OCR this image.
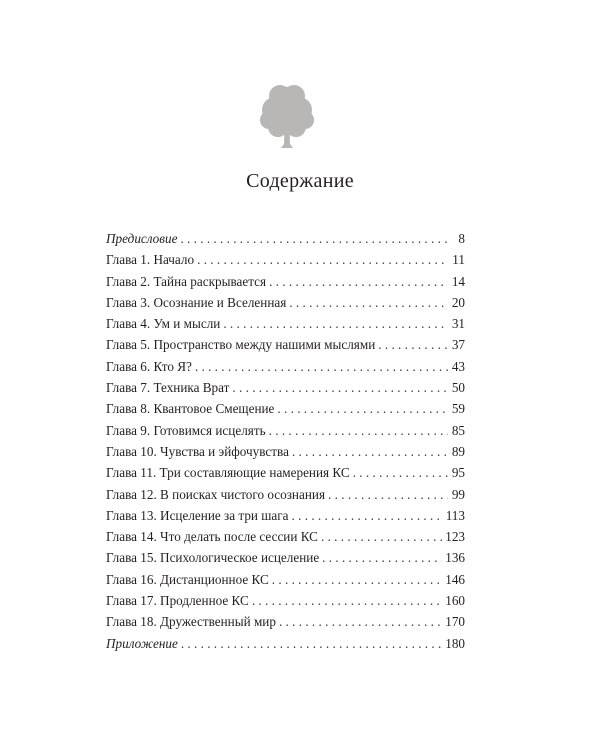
Содержание
Предисловие . . .	8
Глава 1. Начало . . .	11
Глава 2. Тайна раскрывается . . .	14
Глава 3. Осознание и Вселенная . . .	20
Глава 4. Ум и мысли . . .	31
Глава 5. Пространство между нашими мыслями . . .	37
Глава 6. Кто Я? . . .	43
Глава 7. Техника Врат . . .	50
Глава 8. Квантовое Смещение . . .	59
Глава 9. Готовимся исцелять . . .	85
Глава 10. Чувства и эйфочувства . . .	89
Глава 11. Три составляющие намерения КС . . .	95
Глава 12. В поисках чистого осознания . . .	99
Глава 13. Исцеление за три шага . . .	113
Глава 14. Что делать после сессии КС . . .	123
Глава 15. Психологическое исцеление . . .	136
Глава 16. Дистанционное КС . . .	146
Глава 17. Продленное КС . . .	160
Глава 18. Дружественный мир . . .	170
Приложение . . .	180
